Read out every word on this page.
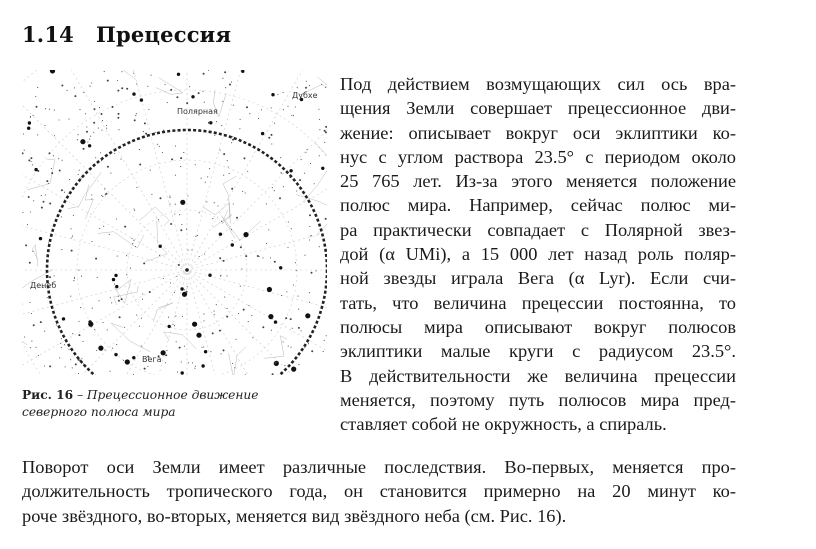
1.14 Прецессия
Полярная
Дубхе
Денеб
Вега
Рис. 16 – Прецессионное движение северного полюса мира
Под действием возмущающих сил ось вра-
щения Земли совершает прецессионное дви-
жение: описывает вокруг оси эклиптики ко-
нус с углом раствора 23.5° с периодом около
25 765 лет. Из-за этого меняется положение
полюс мира. Например, сейчас полюс ми-
ра практически совпадает с Полярной звез-
дой (α UMi), а 15 000 лет назад роль поляр-
ной звезды играла Вега (α Lyr). Если счи-
тать, что величина прецессии постоянна, то
полюсы мира описывают вокруг полюсов
эклиптики малые круги с радиусом 23.5°.
В действительности же величина прецессии
меняется, поэтому путь полюсов мира пред-
ставляет собой не окружность, а спираль.
Поворот оси Земли имеет различные последствия. Во-первых, меняется про-
должительность тропического года, он становится примерно на 20 минут ко-
роче звёздного, во-вторых, меняется вид звёздного неба (см. Рис. 16).
